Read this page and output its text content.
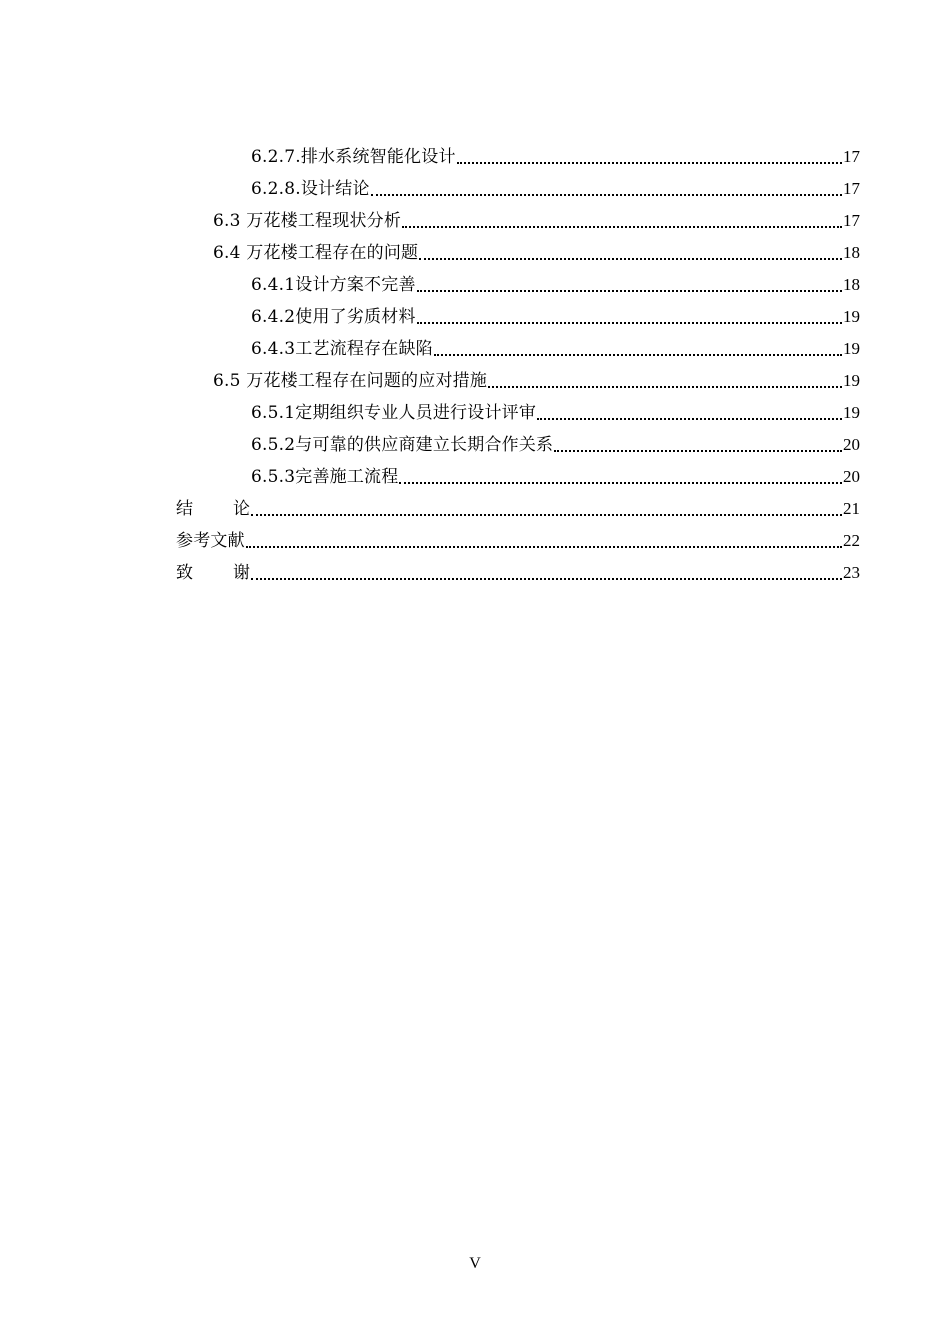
6.2.7.排水系统智能化设计	17
6.2.8.设计结论	17
6.3 万花楼工程现状分析	17
6.4 万花楼工程存在的问题	18
6.4.1设计方案不完善	18
6.4.2使用了劣质材料	19
6.4.3工艺流程存在缺陷	19
6.5 万花楼工程存在问题的应对措施	19
6.5.1定期组织专业人员进行设计评审	19
6.5.2与可靠的供应商建立长期合作关系	20
6.5.3完善施工流程	20
结 论	21
参考文献	22
致 谢	23
V
